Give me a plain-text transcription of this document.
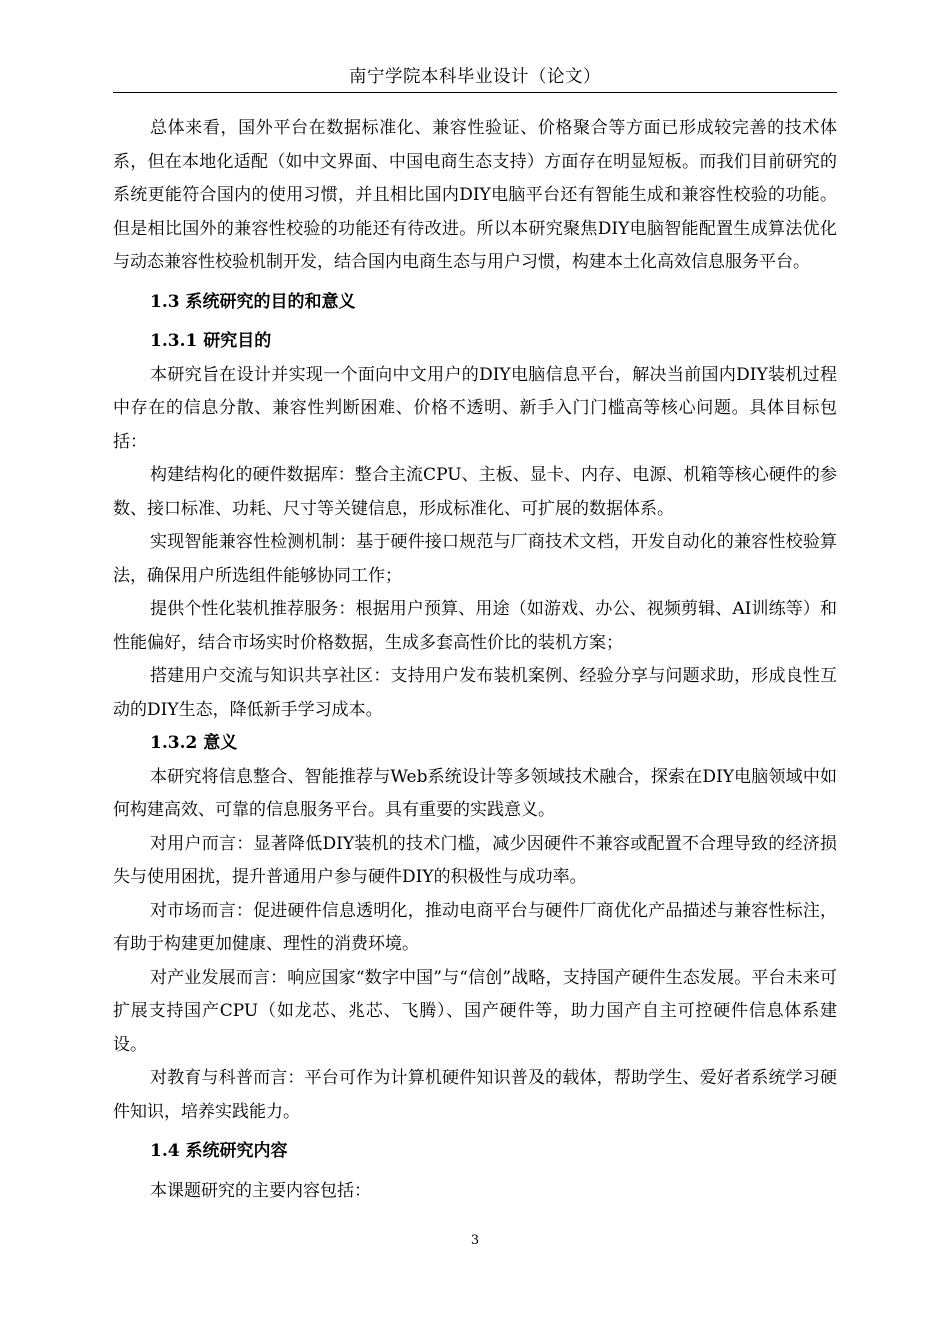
南宁学院本科毕业设计（论文）

总体来看，国外平台在数据标准化、兼容性验证、价格聚合等方面已形成较完善的技术体系，但在本地化适配（如中文界面、中国电商生态支持）方面存在明显短板。而我们目前研究的系统更能符合国内的使用习惯，并且相比国内DIY电脑平台还有智能生成和兼容性校验的功能。但是相比国外的兼容性校验的功能还有待改进。所以本研究聚焦DIY电脑智能配置生成算法优化与动态兼容性校验机制开发，结合国内电商生态与用户习惯，构建本土化高效信息服务平台。

1.3 系统研究的目的和意义
1.3.1 研究目的

本研究旨在设计并实现一个面向中文用户的DIY电脑信息平台，解决当前国内DIY装机过程中存在的信息分散、兼容性判断困难、价格不透明、新手入门门槛高等核心问题。具体目标包括：

构建结构化的硬件数据库：整合主流CPU、主板、显卡、内存、电源、机箱等核心硬件的参数、接口标准、功耗、尺寸等关键信息，形成标准化、可扩展的数据体系。

实现智能兼容性检测机制：基于硬件接口规范与厂商技术文档，开发自动化的兼容性校验算法，确保用户所选组件能够协同工作；

提供个性化装机推荐服务：根据用户预算、用途（如游戏、办公、视频剪辑、AI训练等）和性能偏好，结合市场实时价格数据，生成多套高性价比的装机方案；

搭建用户交流与知识共享社区：支持用户发布装机案例、经验分享与问题求助，形成良性互动的DIY生态，降低新手学习成本。

1.3.2 意义

本研究将信息整合、智能推荐与Web系统设计等多领域技术融合，探索在DIY电脑领域中如何构建高效、可靠的信息服务平台。具有重要的实践意义。

对用户而言：显著降低DIY装机的技术门槛，减少因硬件不兼容或配置不合理导致的经济损失与使用困扰，提升普通用户参与硬件DIY的积极性与成功率。

对市场而言：促进硬件信息透明化，推动电商平台与硬件厂商优化产品描述与兼容性标注，有助于构建更加健康、理性的消费环境。

对产业发展而言：响应国家“数字中国”与“信创”战略，支持国产硬件生态发展。平台未来可扩展支持国产CPU（如龙芯、兆芯、飞腾）、国产硬件等，助力国产自主可控硬件信息体系建设。

对教育与科普而言：平台可作为计算机硬件知识普及的载体，帮助学生、爱好者系统学习硬件知识，培养实践能力。

1.4 系统研究内容

本课题研究的主要内容包括：

3
